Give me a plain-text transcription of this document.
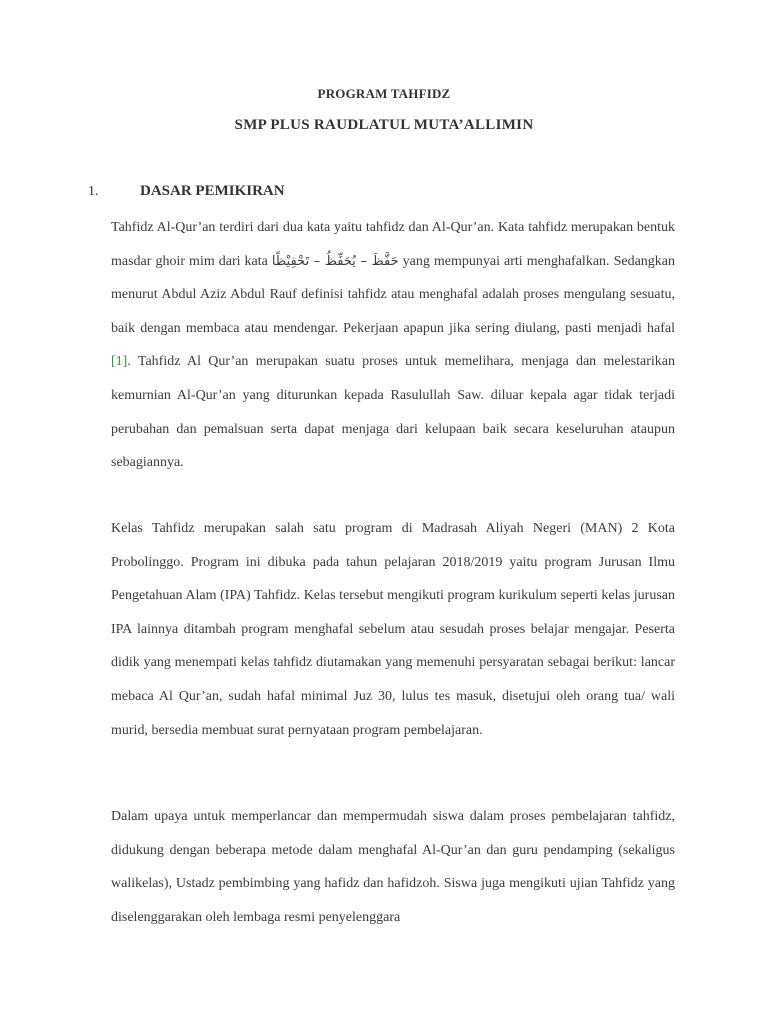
PROGRAM TAHFIDZ
SMP PLUS RAUDLATUL MUTA’ALLIMIN
1.	DASAR PEMIKIRAN

Tahfidz Al-Qur’an terdiri dari dua kata yaitu tahfidz dan Al-Qur’an. Kata tahfidz merupakan bentuk masdar ghoir mim dari kata حَفَّظَ – يُحَفِّظُ – تَحْفِيْظًا yang mempunyai arti menghafalkan. Sedangkan menurut Abdul Aziz Abdul Rauf definisi tahfidz atau menghafal adalah proses mengulang sesuatu, baik dengan membaca atau mendengar. Pekerjaan apapun jika sering diulang, pasti menjadi hafal [1]. Tahfidz Al Qur’an merupakan suatu proses untuk memelihara, menjaga dan melestarikan kemurnian Al-Qur’an yang diturunkan kepada Rasulullah Saw. diluar kepala agar tidak terjadi perubahan dan pemalsuan serta dapat menjaga dari kelupaan baik secara keseluruhan ataupun sebagiannya.

Kelas Tahfidz merupakan salah satu program di Madrasah Aliyah Negeri (MAN) 2 Kota Probolinggo. Program ini dibuka pada tahun pelajaran 2018/2019 yaitu program Jurusan Ilmu Pengetahuan Alam (IPA) Tahfidz. Kelas tersebut mengikuti program kurikulum seperti kelas jurusan IPA lainnya ditambah program menghafal sebelum atau sesudah proses belajar mengajar. Peserta didik yang menempati kelas tahfidz diutamakan yang memenuhi persyaratan sebagai berikut: lancar mebaca Al Qur’an, sudah hafal minimal Juz 30, lulus tes masuk, disetujui oleh orang tua/ wali murid, bersedia membuat surat pernyataan program pembelajaran.

Dalam upaya untuk memperlancar dan mempermudah siswa dalam proses pembelajaran tahfidz, didukung dengan beberapa metode dalam menghafal Al-Qur’an dan guru pendamping (sekaligus walikelas), Ustadz pembimbing yang hafidz dan hafidzoh. Siswa juga mengikuti ujian Tahfidz yang diselenggarakan oleh lembaga resmi penyelenggara
